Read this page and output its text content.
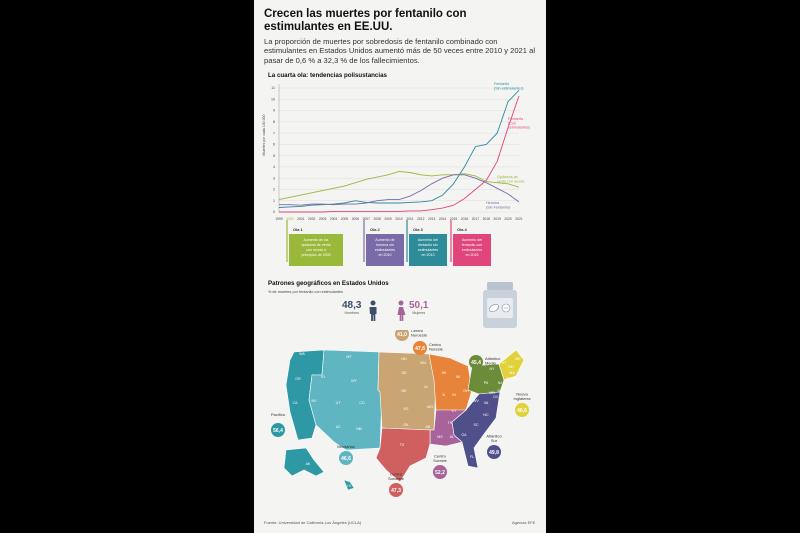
Crecen las muertes por fentanilo con estimulantes en EE.UU.
La proporción de muertes por sobredosis de fentanilo combinado con estimulantes en Estados Unidos aumentó más de 50 veces entre 2010 y 2021 al pasar de 0,6 % a 32,3 % de los fallecimientos.
La cuarta ola: tendencias polisustancias
Muertes por cada 100.000
0
1
2
3
4
5
6
7
8
9
10
11
1999 2000 2001 2002 2003 2004 2005 2006 2007 2008 2009 2010 2011 2012 2013 2014 2015 2016 2017 2018 2019 2020 2021
Fentanilo
(Sin estimulantes)
Fentanilo
(Con
estimulantes)
Opiáceos de
venta con receta
Heroína
(Sin Fentanilo)
Ola 1
Aumento de los
opiáceos de venta
con receta a
principios de 2000
Ola 2
Aumento de
heroína sin
estimulantes
en 2010
Ola 3
Aumento del
fentanilo sin
estimulantes
en 2013
Ola 4
Aumento del
fentanilo con
estimulantes
en 2015
Patrones geográficos en Estados Unidos
% de muertes por fentanilo con estimulantes
48,3
Hombres
50,1
Mujeres
WA
OR
CA
ID
NV
MT
WY
UT
AZ
CO
NM
AK
HI
ND
SD
NE
KS
MN
IA
MO
WI
IL
MI
IN
OH
KY
TN
MS AL
TX
OK	AR
LA
NY
PA	NJ
ME
VT
NH
MA
CT RI
DE
MD
WV VA
NC
SC
GA
FL
DC
56,4
Pacífico
46,6
Montañas
41,0
Centro
Noroeste
47,8
Centro
Noreste
45,4
Atlántico
Medio
46,6
Nueva
Inglaterra
49,8
Atlántico
Sur
52,2
Centro
Sureste
47,3
Centro
Suroeste
Fuente: Universidad de California-Los Ángeles (UCLA)	Agencia EFE
